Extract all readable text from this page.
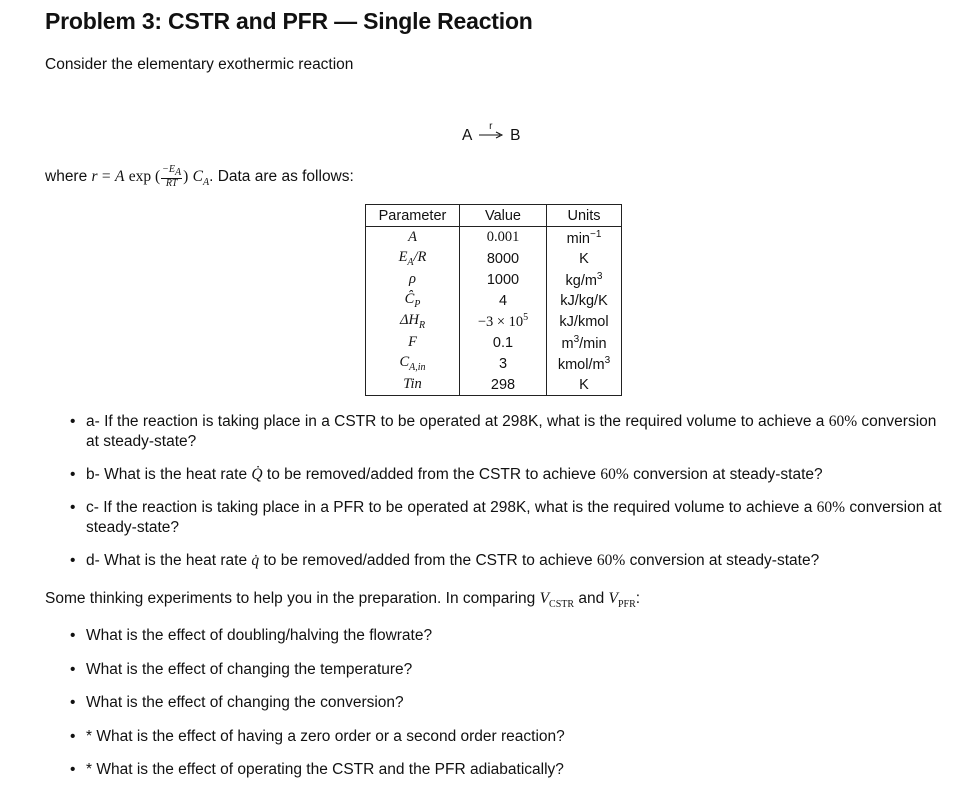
Problem 3: CSTR and PFR — Single Reaction

Consider the elementary exothermic reaction

A
r
B

where r = A exp ( $\frac{-E_A}{RT}$ ) $C_A$. Data are as follows:

Parameter	Value	Units
A	0.001	$\min^{-1}$
$E_A/R$	8000	K
ρ	1000	$kg/m^3$
$Ĉ_P$	4	kJ/kg/K
$\Delta H_R$	$-3 \times 10^5$	kJ/kmol
F	0.1	$m^3/\min$
$C_{A,in}$	3	kmol/$m^3$
Tin	298	K
• a- If the reaction is taking place in a CSTR to be operated at 298K, what is the required volume to achieve a 60% conversion at steady-state?
• b- What is the heat rate Q̇ to be removed/added from the CSTR to achieve 60% conversion at steady-state?
• c- If the reaction is taking place in a PFR to be operated at 298K, what is the required volume to achieve a 60% conversion at steady-state?
• d- What is the heat rate q̇ to be removed/added from the CSTR to achieve 60% conversion at steady-state?

Some thinking experiments to help you in the preparation. In comparing $V_{CSTR}$ and $V_{PFR}$:

• What is the effect of doubling/halving the flowrate?
• What is the effect of changing the temperature?
• What is the effect of changing the conversion?
• * What is the effect of having a zero order or a second order reaction?
• * What is the effect of operating the CSTR and the PFR adiabatically?
